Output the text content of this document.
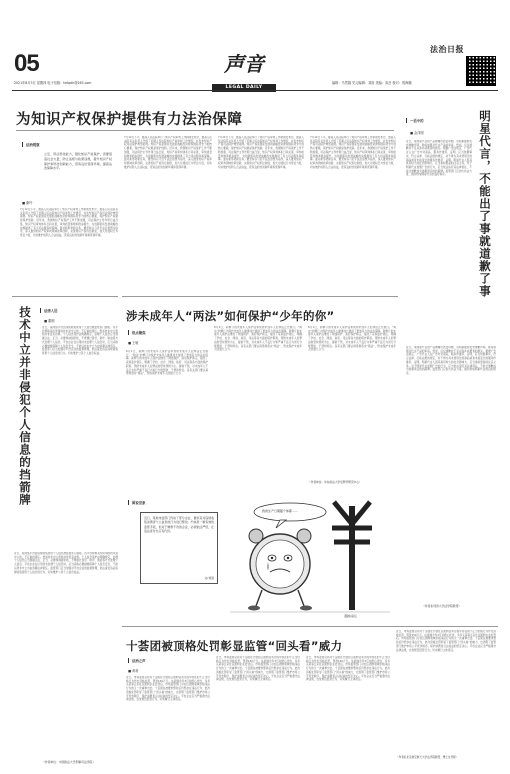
05
2021年8月3日 星期四 电子信箱：fzrbplh@163.com
声音
LEGAL DAILY
编辑：马然娟 见习编辑：刘洛 美编：高岳 校对：郭海鹏
法治日报
为知识产权保护提供有力法治保障
法治观察
立足、用法科技能力，强化知识产权保护，需要借鉴社会力量，防止违规与政策违规，提升知识产权保护和科技创新能力，营造良好营商环境，提高法治保障水平。
■ 谢玲
7月12日下午，最高人民法院举行了知识产权审判工作新闻发布会，最高人民法院有关负责人介绍了近期人民法院知识产权审判工作情况，并发布知识产权司法保护典型案例。知识产权是国家发展的战略性资源和国际竞争力的核心要素，保护知识产权就是保护创新。近年来，我国知识产权保护工作不断加强，司法保护主导作用日益凸显，知识产权审判体系日趋完善，审判质量和效率稳步提升，为创新驱动发展战略的实施提供了有力司法服务和保障。面对新形势新任务，要坚持以习近平法治思想为指导，深入推进知识产权审判领域改革创新，完善知识产权诉讼制度，加大对侵权行为惩治力度，切实维护权利人合法权益，营造良好的创新环境和营商环境。
7月12日下午，最高人民法院举行了知识产权审判工作新闻发布会，最高人民法院有关负责人介绍了近期人民法院知识产权审判工作情况，并发布知识产权司法保护典型案例。知识产权是国家发展的战略性资源和国际竞争力的核心要素，保护知识产权就是保护创新。近年来，我国知识产权保护工作不断加强，司法保护主导作用日益凸显，知识产权审判体系日趋完善，审判质量和效率稳步提升，为创新驱动发展战略的实施提供了有力司法服务和保障。面对新形势新任务，要坚持以习近平法治思想为指导，深入推进知识产权审判领域改革创新，完善知识产权诉讼制度，加大对侵权行为惩治力度，切实维护权利人合法权益，营造良好的创新环境和营商环境。
7月12日下午，最高人民法院举行了知识产权审判工作新闻发布会，最高人民法院有关负责人介绍了近期人民法院知识产权审判工作情况，并发布知识产权司法保护典型案例。知识产权是国家发展的战略性资源和国际竞争力的核心要素，保护知识产权就是保护创新。近年来，我国知识产权保护工作不断加强，司法保护主导作用日益凸显，知识产权审判体系日趋完善，审判质量和效率稳步提升，为创新驱动发展战略的实施提供了有力司法服务和保障。面对新形势新任务，要坚持以习近平法治思想为指导，深入推进知识产权审判领域改革创新，完善知识产权诉讼制度，加大对侵权行为惩治力度，切实维护权利人合法权益，营造良好的创新环境和营商环境。
7月12日下午，最高人民法院举行了知识产权审判工作新闻发布会，最高人民法院有关负责人介绍了近期人民法院知识产权审判工作情况，并发布知识产权司法保护典型案例。知识产权是国家发展的战略性资源和国际竞争力的核心要素，保护知识产权就是保护创新。近年来，我国知识产权保护工作不断加强，司法保护主导作用日益凸显，知识产权审判体系日趋完善，审判质量和效率稳步提升，为创新驱动发展战略的实施提供了有力司法服务和保障。面对新形势新任务，要坚持以习近平法治思想为指导，深入推进知识产权审判领域改革创新，完善知识产权诉讼制度，加大对侵权行为惩治力度，切实维护权利人合法权益，营造良好的创新环境和营商环境。	明星代言，不能出了事就道歉了事
一语中的
■ 金泽刚
近日，某明星代言的产品被曝出质量问题，该明星随即发布道歉声明，称将加强对代言产品的审查。然而，仅仅道歉并不足以弥补消费者的损失。根据广告法规定，广告代言人在广告中对商品、服务作推荐、证明，应当依据事实，符合法律、行政法规的规定，并不得为其未使用过的商品或者未接受过的服务作推荐、证明。明星代言人因其具有较大的社会影响力，应当承担更高的注意义务。对于明星代言虚假广告的行为，应当依法追究其法律责任，不能让道歉成为逃避责任的挡箭牌。监管部门应加大执法力度，推动形成明星代言的良好秩序。
近日，某明星代言的产品被曝出质量问题，该明星随即发布道歉声明，称将加强对代言产品的审查。然而，仅仅道歉并不足以弥补消费者的损失。根据广告法规定，广告代言人在广告中对商品、服务作推荐、证明，应当依据事实，符合法律、行政法规的规定，并不得为其未使用过的商品或者未接受过的服务作推荐、证明。明星代言人因其具有较大的社会影响力，应当承担更高的注意义务。对于明星代言虚假广告的行为，应当依法追究其法律责任，不能让道歉成为逃避责任的挡箭牌。监管部门应加大执法力度，推动形成明星代言的良好秩序。
（作者系同济大学法学院教授）
技术中立并非侵犯个人信息的挡箭牌	法律人语
■ 董桐
近日，某网络平台因违规收集使用个人信息被监管部门通报。该平台辩称其所使用的技术是中立的，不应承担责任。然而技术中立原则并非没有边界。个人信息保护法明确规定，处理个人信息应当遵循合法、正当、必要和诚信原则，不得通过误导、欺诈、胁迫等方式处理个人信息。平台企业在运用技术处理个人信息时，应当采取必要措施保障个人信息安全，不能以技术中立为由逃避法律责任。监管部门应当加强对平台企业的监督管理，依法查处违法违规收集使用个人信息的行为，切实维护公民个人信息权益。
近日，某网络平台因违规收集使用个人信息被监管部门通报。该平台辩称其所使用的技术是中立的，不应承担责任。然而技术中立原则并非没有边界。个人信息保护法明确规定，处理个人信息应当遵循合法、正当、必要和诚信原则，不得通过误导、欺诈、胁迫等方式处理个人信息。平台企业在运用技术处理个人信息时，应当采取必要措施保障个人信息安全，不能以技术中立为由逃避法律责任。监管部门应当加强对平台企业的监督管理，依法查处违法违规收集使用个人信息的行为，切实维护公民个人信息权益。
（作者单位：中国政法大学刑事司法学院）
涉未成年人“两法”如何保护“少年的你”
热点聚焦
■ 王敏
6月1日，新修订的未成年人保护法和预防未成年人犯罪法正式施行。“两法”的修订为保护未成年人健康成长提供了更加有力的法治保障。新修订的未成年人保护法增设了网络保护、政府保护两章，强化了家庭监护责任，明确了学校、社会、网络、政府、司法等各方面的保护职责。预防未成年人犯罪法则坚持预防为主、提前干预，对未成年人不良行为和严重不良行为进行分级预防、干预和矫治。各有关部门要认真贯彻落实“两法”，形成保护未成年人的强大合力。
6月1日，新修订的未成年人保护法和预防未成年人犯罪法正式施行。“两法”的修订为保护未成年人健康成长提供了更加有力的法治保障。新修订的未成年人保护法增设了网络保护、政府保护两章，强化了家庭监护责任，明确了学校、社会、网络、政府、司法等各方面的保护职责。预防未成年人犯罪法则坚持预防为主、提前干预，对未成年人不良行为和严重不良行为进行分级预防、干预和矫治。各有关部门要认真贯彻落实“两法”，形成保护未成年人的强大合力。
6月1日，新修订的未成年人保护法和预防未成年人犯罪法正式施行。“两法”的修订为保护未成年人健康成长提供了更加有力的法治保障。新修订的未成年人保护法增设了网络保护、政府保护两章，强化了家庭监护责任，明确了学校、社会、网络、政府、司法等各方面的保护职责。预防未成年人犯罪法则坚持预防为主、提前干预，对未成年人不良行为和严重不良行为进行分级预防、干预和矫治。各有关部门要认真贯彻落实“两法”，形成保护未成年人的强大合力。
（作者单位：华东政法大学犯罪学研究中心）
图说世象
近日，某地市监部门约谈了部分企业，要求其对违规收集消费者个人信息的行为进行整改。约谈是一种有效的监管手段，但对于屡教不改的企业，必须依法严惩，让违法者付出应有代价。
文/刘洛
我的生产日期随个体都……
漫画/高岳
十荟团被顶格处罚彰显监管“回头看”威力
法治之声
■ 黄莉
近日，市场监管总局对十荟团在开展社区团购业务过程中存在的不正当价格行为作出顶格处罚，罚款150万元。这是继今年3月对橙心优选、多多买菜等五家社区团购企业处罚后，市场监管部门对社区团购领域价格违法行为的又一次重拳出击。十荟团在被要求整改后仍然存在违法行为，此次顶格处罚彰显了监管部门“回头看”的威力，也表明了监管部门维护市场公平竞争秩序、保护消费者合法权益的坚定决心。平台企业应当严格遵守法律法规，自觉规范经营行为，切实履行主体责任。
近日，市场监管总局对十荟团在开展社区团购业务过程中存在的不正当价格行为作出顶格处罚，罚款150万元。这是继今年3月对橙心优选、多多买菜等五家社区团购企业处罚后，市场监管部门对社区团购领域价格违法行为的又一次重拳出击。十荟团在被要求整改后仍然存在违法行为，此次顶格处罚彰显了监管部门“回头看”的威力，也表明了监管部门维护市场公平竞争秩序、保护消费者合法权益的坚定决心。平台企业应当严格遵守法律法规，自觉规范经营行为，切实履行主体责任。
近日，市场监管总局对十荟团在开展社区团购业务过程中存在的不正当价格行为作出顶格处罚，罚款150万元。这是继今年3月对橙心优选、多多买菜等五家社区团购企业处罚后，市场监管部门对社区团购领域价格违法行为的又一次重拳出击。十荟团在被要求整改后仍然存在违法行为，此次顶格处罚彰显了监管部门“回头看”的威力，也表明了监管部门维护市场公平竞争秩序、保护消费者合法权益的坚定决心。平台企业应当严格遵守法律法规，自觉规范经营行为，切实履行主体责任。
近日，市场监管总局对十荟团在开展社区团购业务过程中存在的不正当价格行为作出顶格处罚，罚款150万元。这是继今年3月对橙心优选、多多买菜等五家社区团购企业处罚后，市场监管部门对社区团购领域价格违法行为的又一次重拳出击。十荟团在被要求整改后仍然存在违法行为，此次顶格处罚彰显了监管部门“回头看”的威力，也表明了监管部门维护市场公平竞争秩序、保护消费者合法权益的坚定决心。平台企业应当严格遵守法律法规，自觉规范经营行为，切实履行主体责任。
（作者系北京航空航天大学法学院教授、博士生导师）
